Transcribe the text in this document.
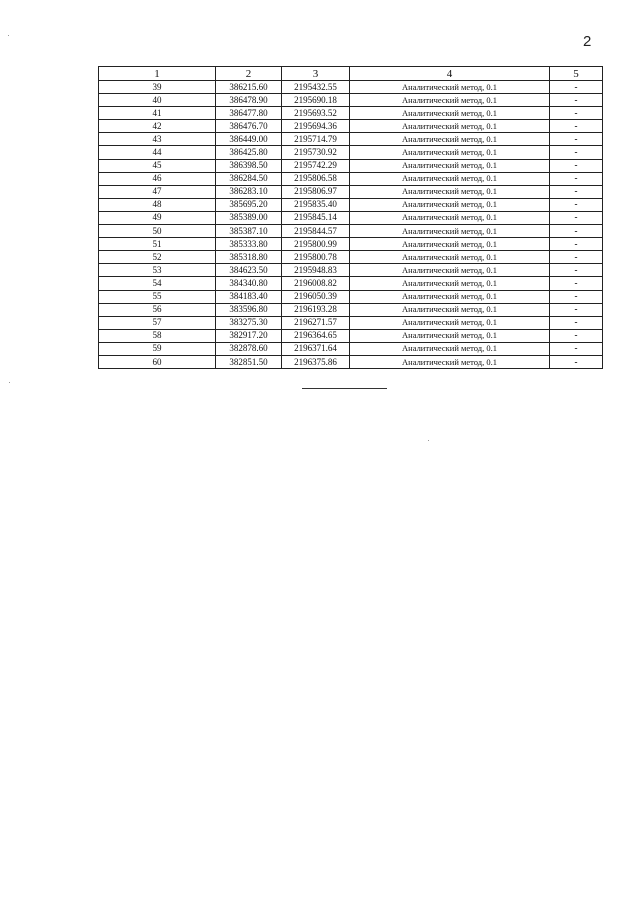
2
1	2	3	4	5
39	386215.60	2195432.55	Аналитический метод, 0.1	-
40	386478.90	2195690.18	Аналитический метод, 0.1	-
41	386477.80	2195693.52	Аналитический метод, 0.1	-
42	386476.70	2195694.36	Аналитический метод, 0.1	-
43	386449.00	2195714.79	Аналитический метод, 0.1	-
44	386425.80	2195730.92	Аналитический метод, 0.1	-
45	386398.50	2195742.29	Аналитический метод, 0.1	-
46	386284.50	2195806.58	Аналитический метод, 0.1	-
47	386283.10	2195806.97	Аналитический метод, 0.1	-
48	385695.20	2195835.40	Аналитический метод, 0.1	-
49	385389.00	2195845.14	Аналитический метод, 0.1	-
50	385387.10	2195844.57	Аналитический метод, 0.1	-
51	385333.80	2195800.99	Аналитический метод, 0.1	-
52	385318.80	2195800.78	Аналитический метод, 0.1	-
53	384623.50	2195948.83	Аналитический метод, 0.1	-
54	384340.80	2196008.82	Аналитический метод, 0.1	-
55	384183.40	2196050.39	Аналитический метод, 0.1	-
56	383596.80	2196193.28	Аналитический метод, 0.1	-
57	383275.30	2196271.57	Аналитический метод, 0.1	-
58	382917.20	2196364.65	Аналитический метод, 0.1	-
59	382878.60	2196371.64	Аналитический метод, 0.1	-
60	382851.50	2196375.86	Аналитический метод, 0.1	-
